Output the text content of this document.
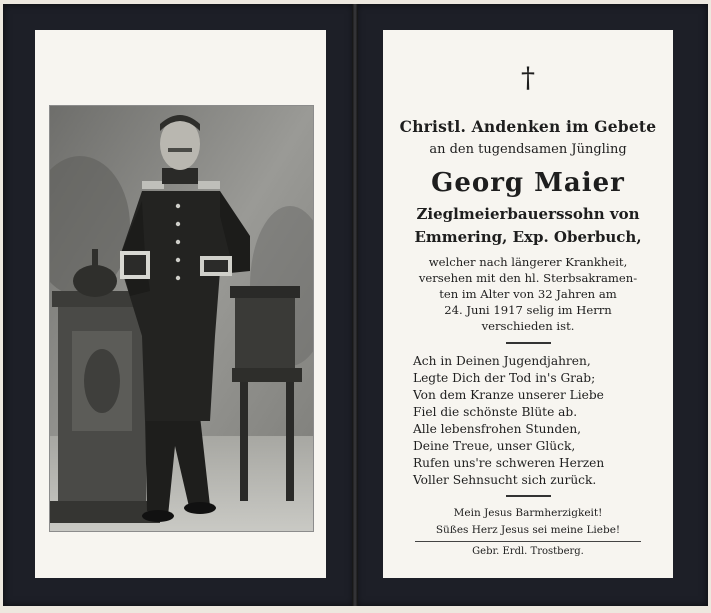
†
Christl. Andenken im Gebete
an den tugendsamen Jüngling
Georg Maier
Zieglmeierbauerssohn von
Emmering, Exp. Oberbuch,
welcher nach längerer Krankheit,
versehen mit den hl. Sterbsakramen-
ten im Alter von 32 Jahren am
24. Juni 1917 selig im Herrn
verschieden ist.
Ach in Deinen Jugendjahren,
Legte Dich der Tod in's Grab;
Von dem Kranze unserer Liebe
Fiel die schönste Blüte ab.
Alle lebensfrohen Stunden,
Deine Treue, unser Glück,
Rufen uns're schweren Herzen
Voller Sehnsucht sich zurück.
Mein Jesus Barmherzigkeit!
Süßes Herz Jesus sei meine Liebe!
Gebr. Erdl. Trostberg.
